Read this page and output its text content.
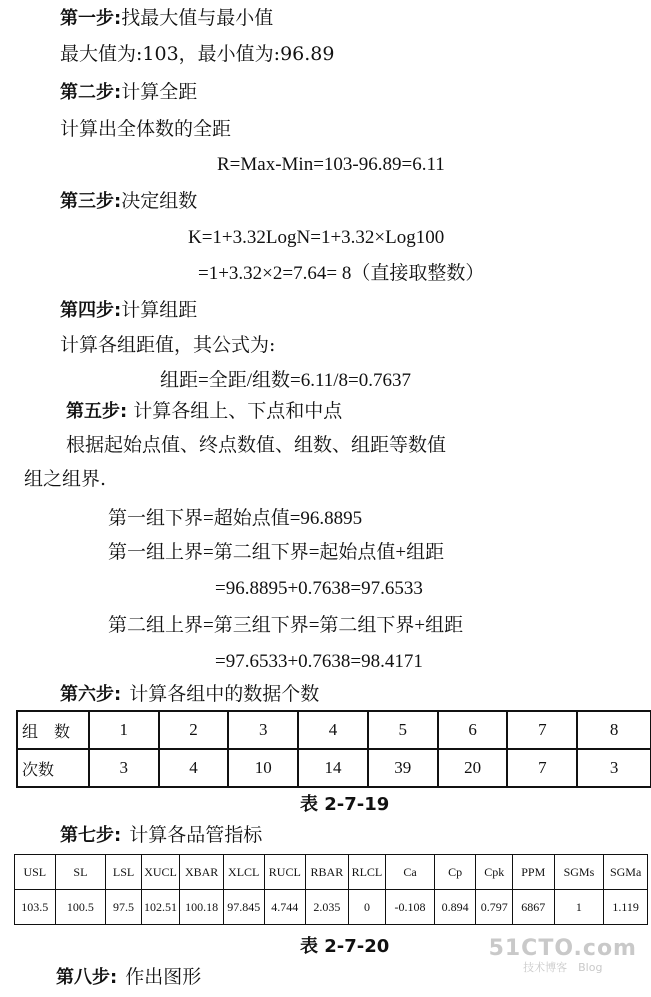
第一步:找最大值与最小值
最大值为:103，最小值为:96.89
第二步:计算全距
计算出全体数的全距
R=Max-Min=103-96.89=6.11
第三步:决定组数
K=1+3.32LogN=1+3.32×Log100
=1+3.32×2=7.64= 8（直接取整数）
第四步:计算组距
计算各组距值，其公式为:
组距=全距/组数=6.11/8=0.7637
第五步: 计算各组上、下点和中点
根据起始点值、终点数值、组数、组距等数值
组之组界.
第一组下界=超始点值=96.8895
第一组上界=第二组下界=起始点值+组距
=96.8895+0.7638=97.6533
第二组上界=第三组下界=第二组下界+组距
=97.6533+0.7638=98.4171
第六步: 计算各组中的数据个数
组　数	1	2	3	4	5	6	7	8
次数	3	4	10	14	39	20	7	3
表 2-7-19
第七步: 计算各品管指标
USL	SL	LSL	XUCL	XBAR	XLCL	RUCL	RBAR	RLCL	Ca	Cp	Cpk	PPM	SGMs	SGMa
103.5	100.5	97.5	102.51	100.18	97.845	4.744	2.035	0	-0.108	0.894	0.797	6867	1	1.119
表 2-7-20
第八步: 作出图形
51CTO.com
技术博客　Blog
